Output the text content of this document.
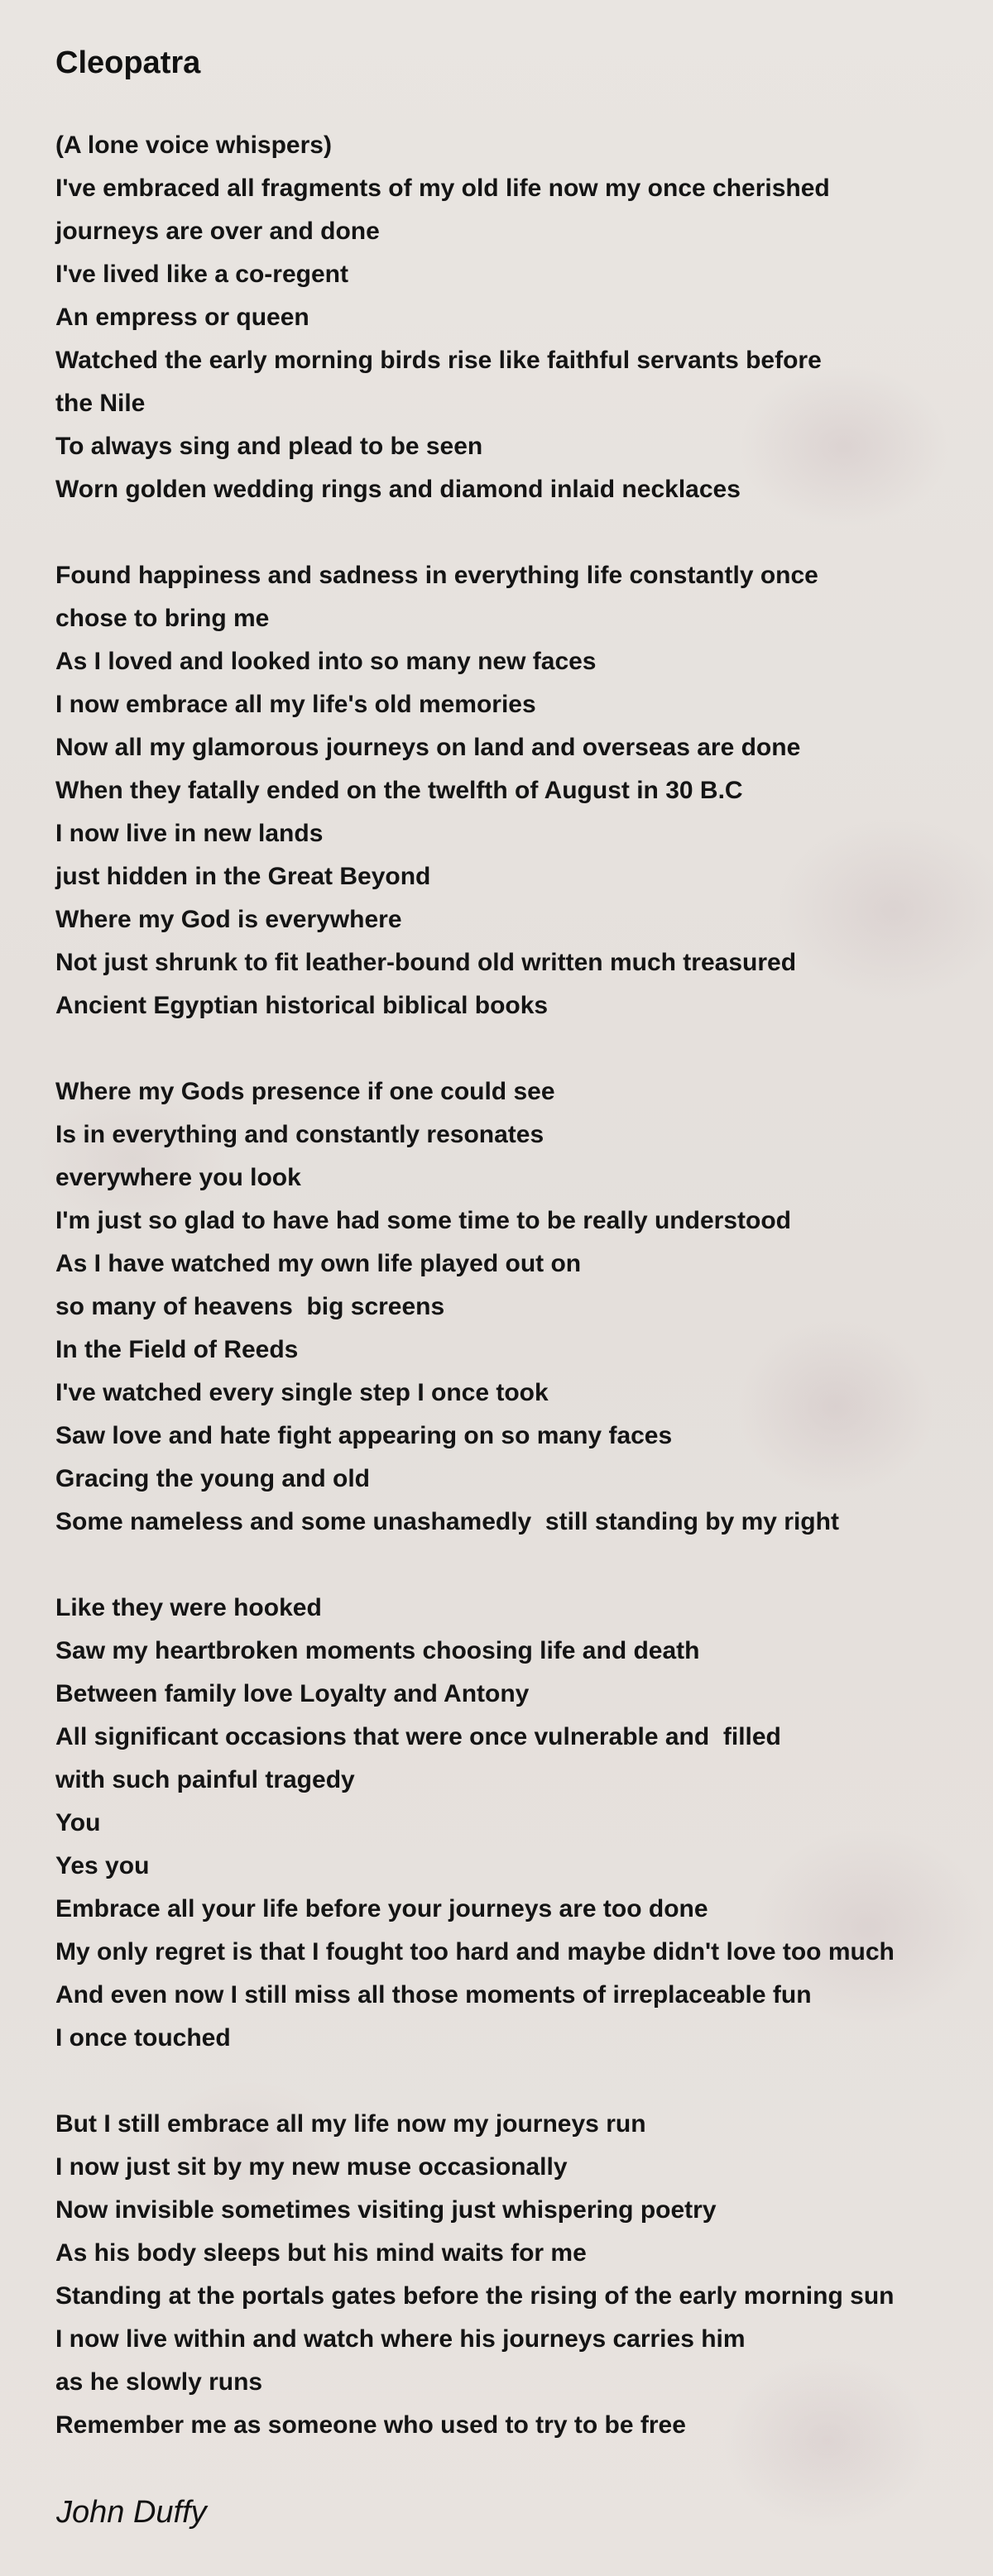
Cleopatra
(A lone voice whispers)
I've embraced all fragments of my old life now my once cherished
journeys are over and done
I've lived like a co-regent
An empress or queen
Watched the early morning birds rise like faithful servants before
the Nile
To always sing and plead to be seen
Worn golden wedding rings and diamond inlaid necklaces
Found happiness and sadness in everything life constantly once
chose to bring me
As I loved and looked into so many new faces
I now embrace all my life's old memories
Now all my glamorous journeys on land and overseas are done
When they fatally ended on the twelfth of August in 30 B.C
I now live in new lands
just hidden in the Great Beyond
Where my God is everywhere
Not just shrunk to fit leather-bound old written much treasured
Ancient Egyptian historical biblical books
Where my Gods presence if one could see
Is in everything and constantly resonates
everywhere you look
I'm just so glad to have had some time to be really understood
As I have watched my own life played out on
so many of heavens  big screens
In the Field of Reeds
I've watched every single step I once took
Saw love and hate fight appearing on so many faces
Gracing the young and old
Some nameless and some unashamedly  still standing by my right
Like they were hooked
Saw my heartbroken moments choosing life and death
Between family love Loyalty and Antony
All significant occasions that were once vulnerable and  filled
with such painful tragedy
You
Yes you
Embrace all your life before your journeys are too done
My only regret is that I fought too hard and maybe didn't love too much
And even now I still miss all those moments of irreplaceable fun
I once touched
But I still embrace all my life now my journeys run
I now just sit by my new muse occasionally
Now invisible sometimes visiting just whispering poetry
As his body sleeps but his mind waits for me
Standing at the portals gates before the rising of the early morning sun
I now live within and watch where his journeys carries him
as he slowly runs
Remember me as someone who used to try to be free
John Duffy
